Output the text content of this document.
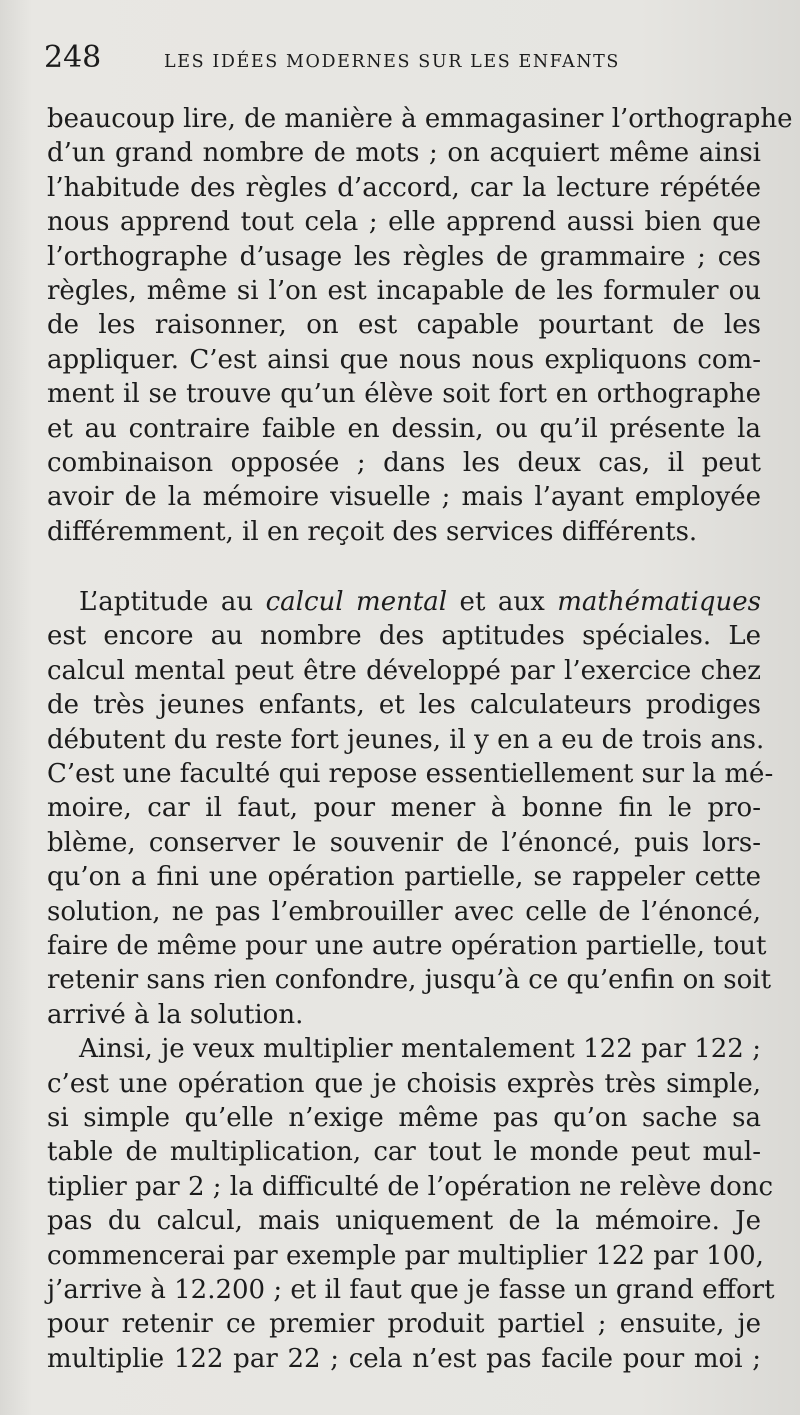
248	LES IDÉES MODERNES SUR LES ENFANTS
beaucoup lire, de manière à emmagasiner l’orthographe
d’un grand nombre de mots ; on acquiert même ainsi
l’habitude des règles d’accord, car la lecture répétée
nous apprend tout cela ; elle apprend aussi bien que
l’orthographe d’usage les règles de grammaire ; ces
règles, même si l’on est incapable de les formuler ou
de les raisonner, on est capable pourtant de les
appliquer. C’est ainsi que nous nous expliquons com-
ment il se trouve qu’un élève soit fort en orthographe
et au contraire faible en dessin, ou qu’il présente la
combinaison opposée ; dans les deux cas, il peut
avoir de la mémoire visuelle ; mais l’ayant employée
différemment, il en reçoit des services différents.
L’aptitude au calcul mental et aux mathématiques
est encore au nombre des aptitudes spéciales. Le
calcul mental peut être développé par l’exercice chez
de très jeunes enfants, et les calculateurs prodiges
débutent du reste fort jeunes, il y en a eu de trois ans.
C’est une faculté qui repose essentiellement sur la mé-
moire, car il faut, pour mener à bonne fin le pro-
blème, conserver le souvenir de l’énoncé, puis lors-
qu’on a fini une opération partielle, se rappeler cette
solution, ne pas l’embrouiller avec celle de l’énoncé,
faire de même pour une autre opération partielle, tout
retenir sans rien confondre, jusqu’à ce qu’enfin on soit
arrivé à la solution.
Ainsi, je veux multiplier mentalement 122 par 122 ;
c’est une opération que je choisis exprès très simple,
si simple qu’elle n’exige même pas qu’on sache sa
table de multiplication, car tout le monde peut mul-
tiplier par 2 ; la difficulté de l’opération ne relève donc
pas du calcul, mais uniquement de la mémoire. Je
commencerai par exemple par multiplier 122 par 100,
j’arrive à 12.200 ; et il faut que je fasse un grand effort
pour retenir ce premier produit partiel ; ensuite, je
multiplie 122 par 22 ; cela n’est pas facile pour moi ;
